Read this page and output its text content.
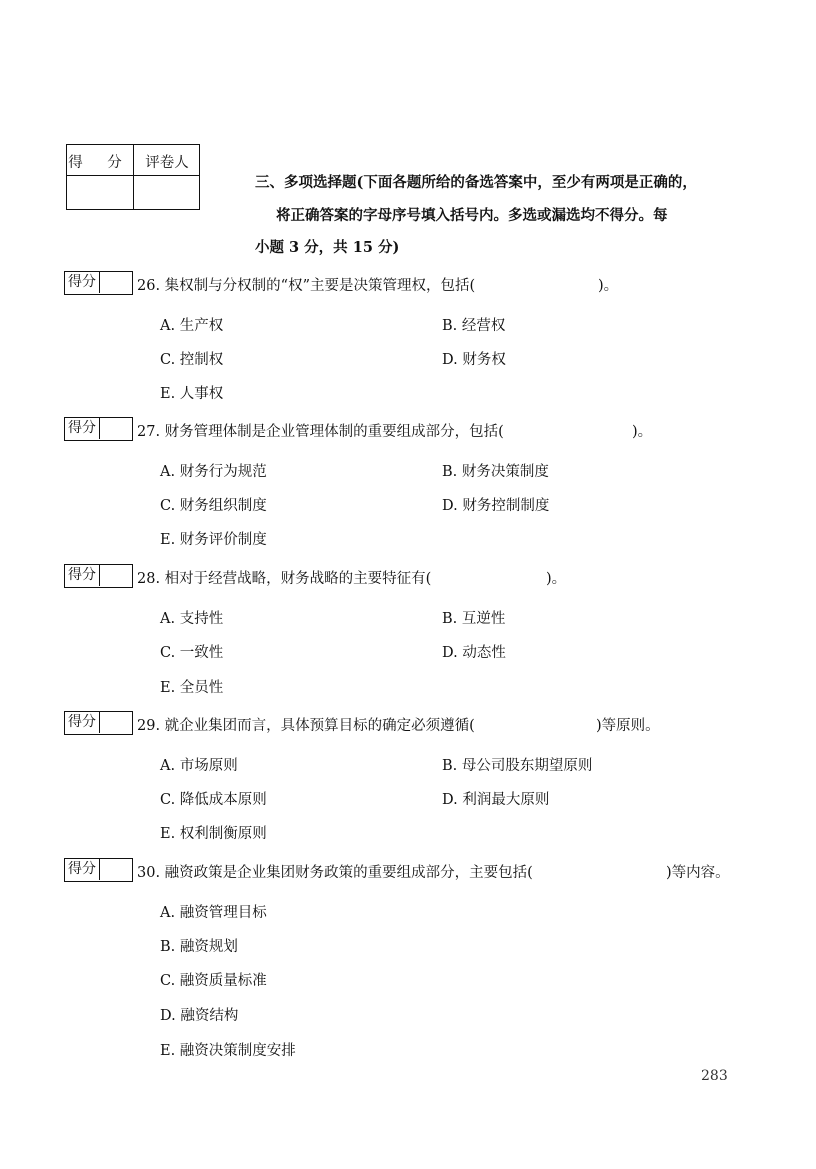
得 分 评卷人
三、多项选择题(下面各题所给的备选答案中，至少有两项是正确的，
将正确答案的字母序号填入括号内。多选或漏选均不得分。每
小题 3 分，共 15 分)
得分	26. 集权制与分权制的“权”主要是决策管理权，包括(	)。
A. 生产权	B. 经营权
C. 控制权	D. 财务权
E. 人事权
得分	27. 财务管理体制是企业管理体制的重要组成部分，包括(	)。
A. 财务行为规范	B. 财务决策制度
C. 财务组织制度	D. 财务控制制度
E. 财务评价制度
得分	28. 相对于经营战略，财务战略的主要特征有(	)。
A. 支持性	B. 互逆性
C. 一致性	D. 动态性
E. 全员性
得分	29. 就企业集团而言，具体预算目标的确定必须遵循(	)等原则。
A. 市场原则	B. 母公司股东期望原则
C. 降低成本原则	D. 利润最大原则
E. 权利制衡原则
得分	30. 融资政策是企业集团财务政策的重要组成部分，主要包括(	)等内容。
A. 融资管理目标
B. 融资规划
C. 融资质量标准
D. 融资结构
E. 融资决策制度安排
283
